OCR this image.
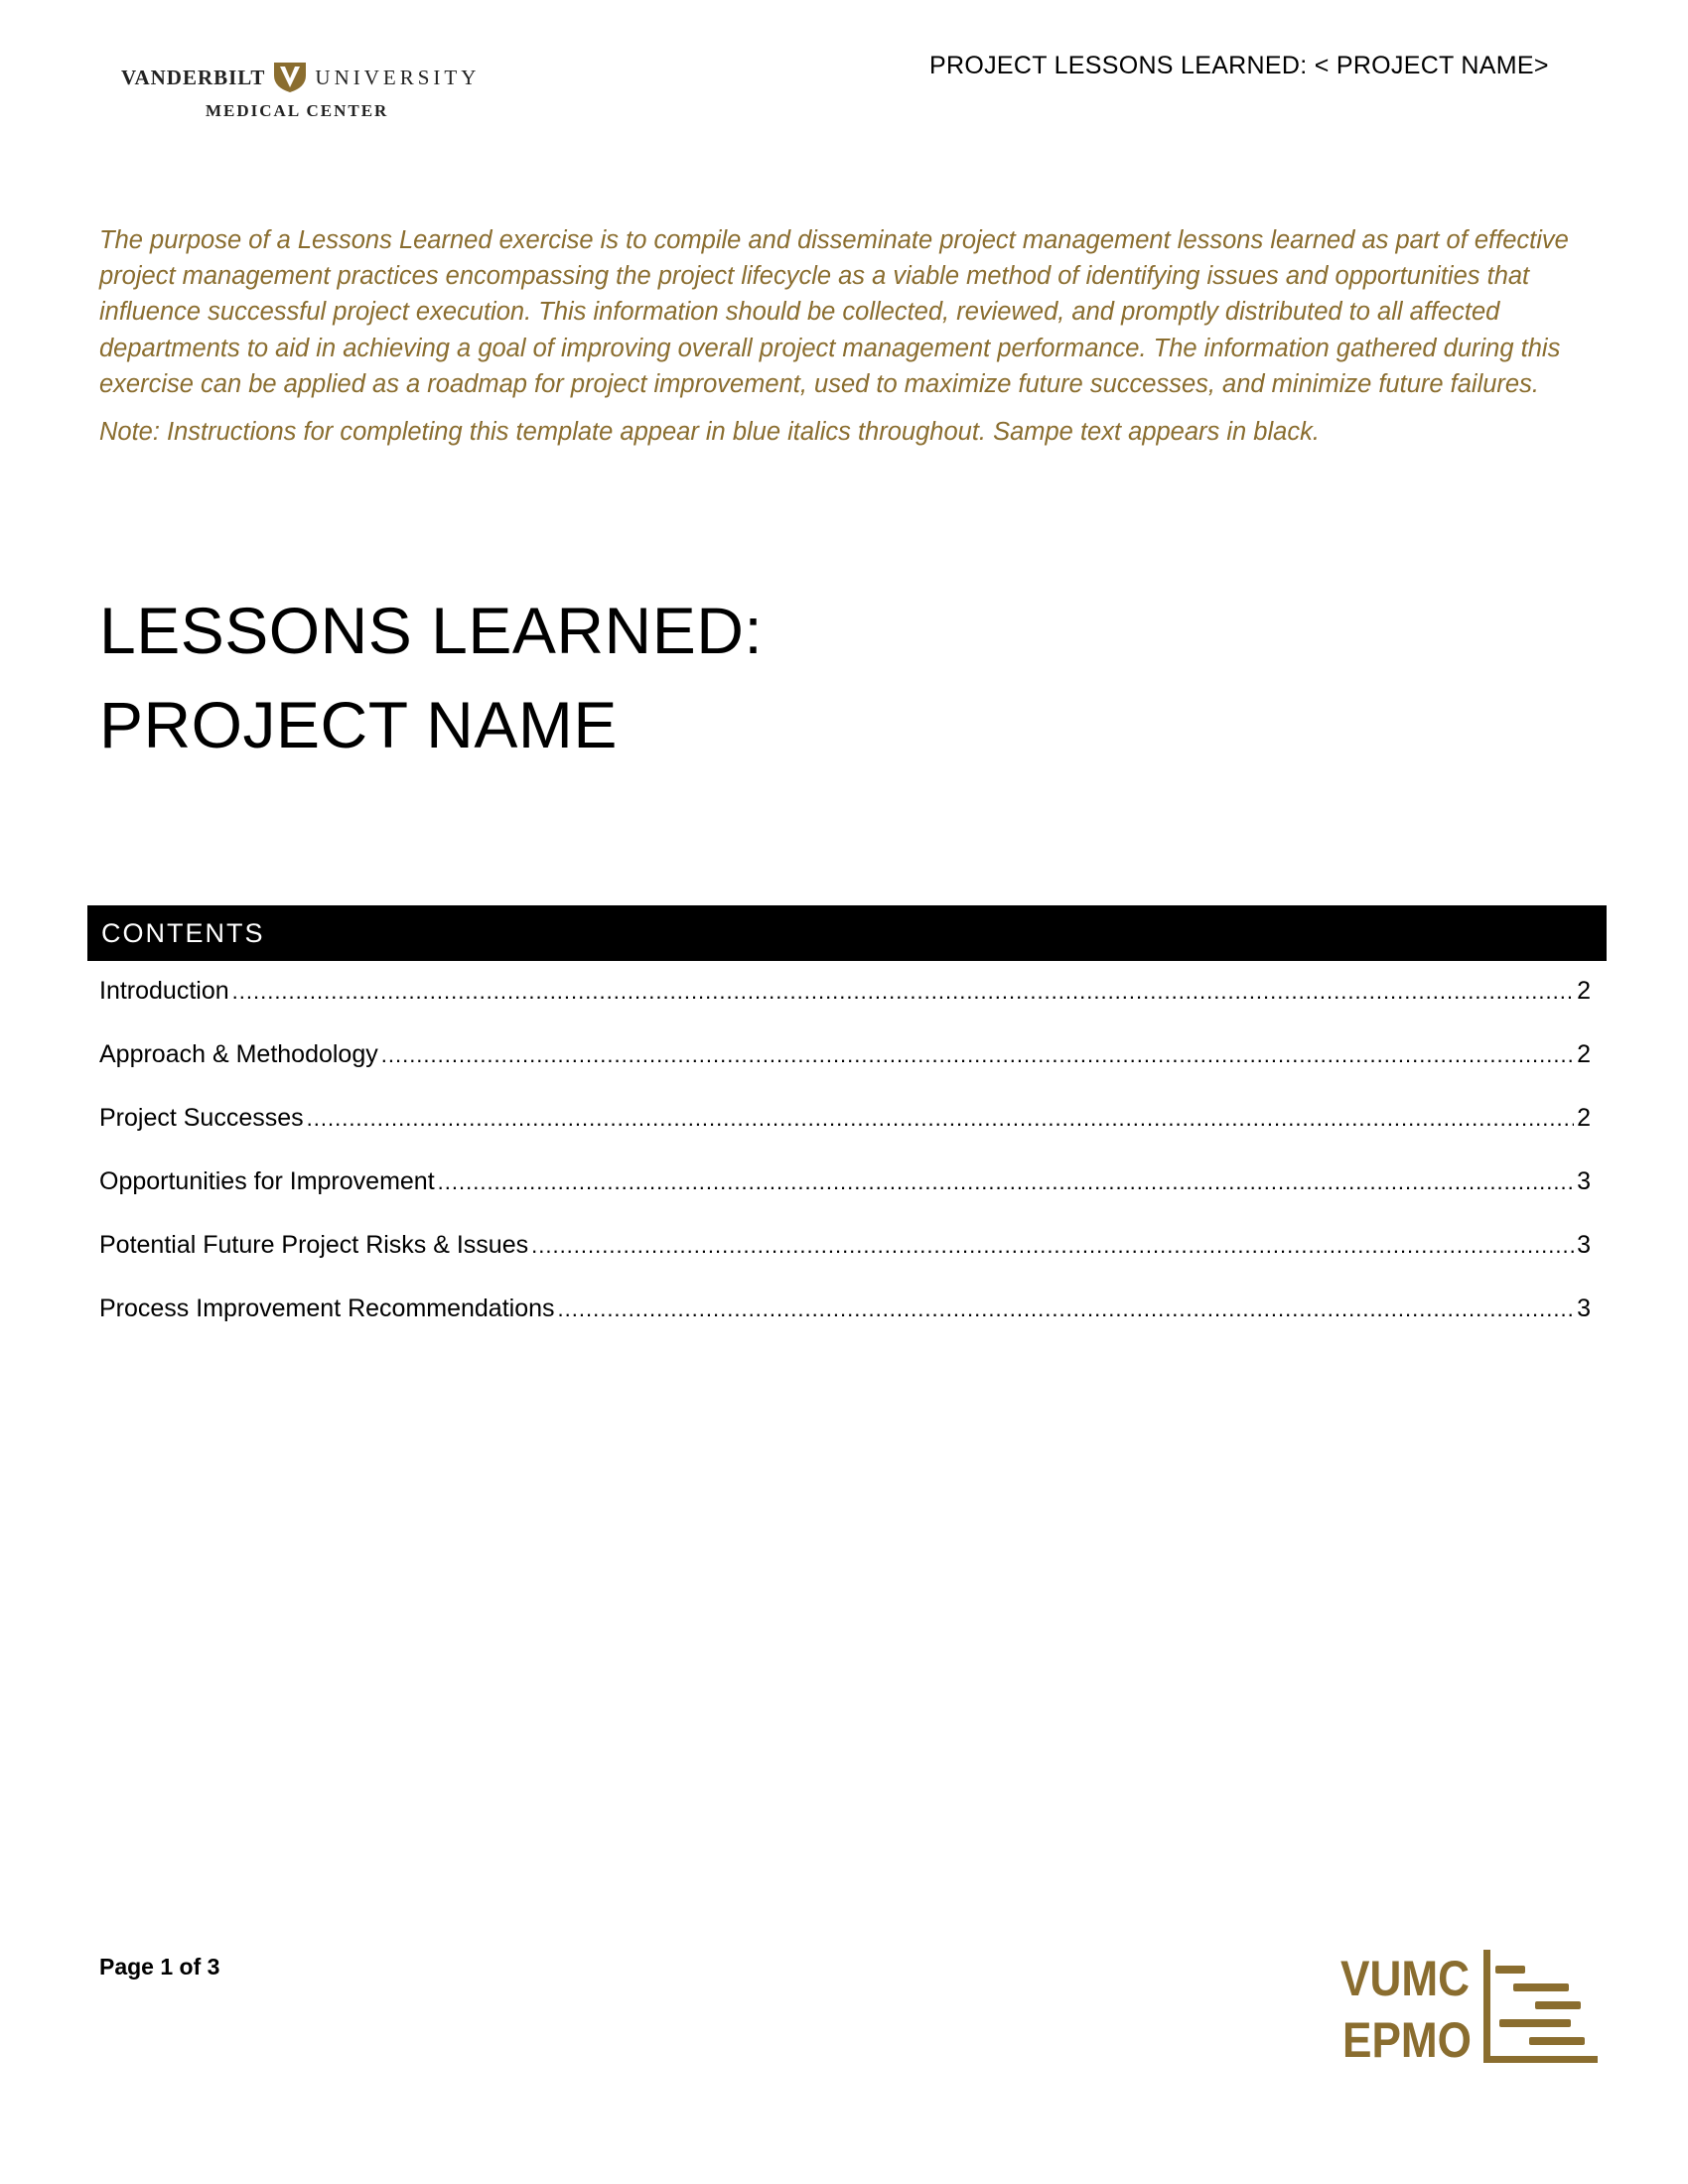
VANDERBILT UNIVERSITY
MEDICAL CENTER
PROJECT LESSONS LEARNED: < PROJECT NAME>

The purpose of a Lessons Learned exercise is to compile and disseminate project management lessons learned as part of effective project management practices encompassing the project lifecycle as a viable method of identifying issues and opportunities that influence successful project execution. This information should be collected, reviewed, and promptly distributed to all affected departments to aid in achieving a goal of improving overall project management performance. The information gathered during this exercise can be applied as a roadmap for project improvement, used to maximize future successes, and minimize future failures.

Note: Instructions for completing this template appear in blue italics throughout. Sampe text appears in black.

LESSONS LEARNED:
PROJECT NAME
CONTENTS
Introduction .....	2
Approach & Methodology .....	2
Project Successes .....	2
Opportunities for Improvement .....	3
Potential Future Project Risks & Issues .....	3
Process Improvement Recommendations .....	3
Page 1 of 3	VUMC
EPMO
